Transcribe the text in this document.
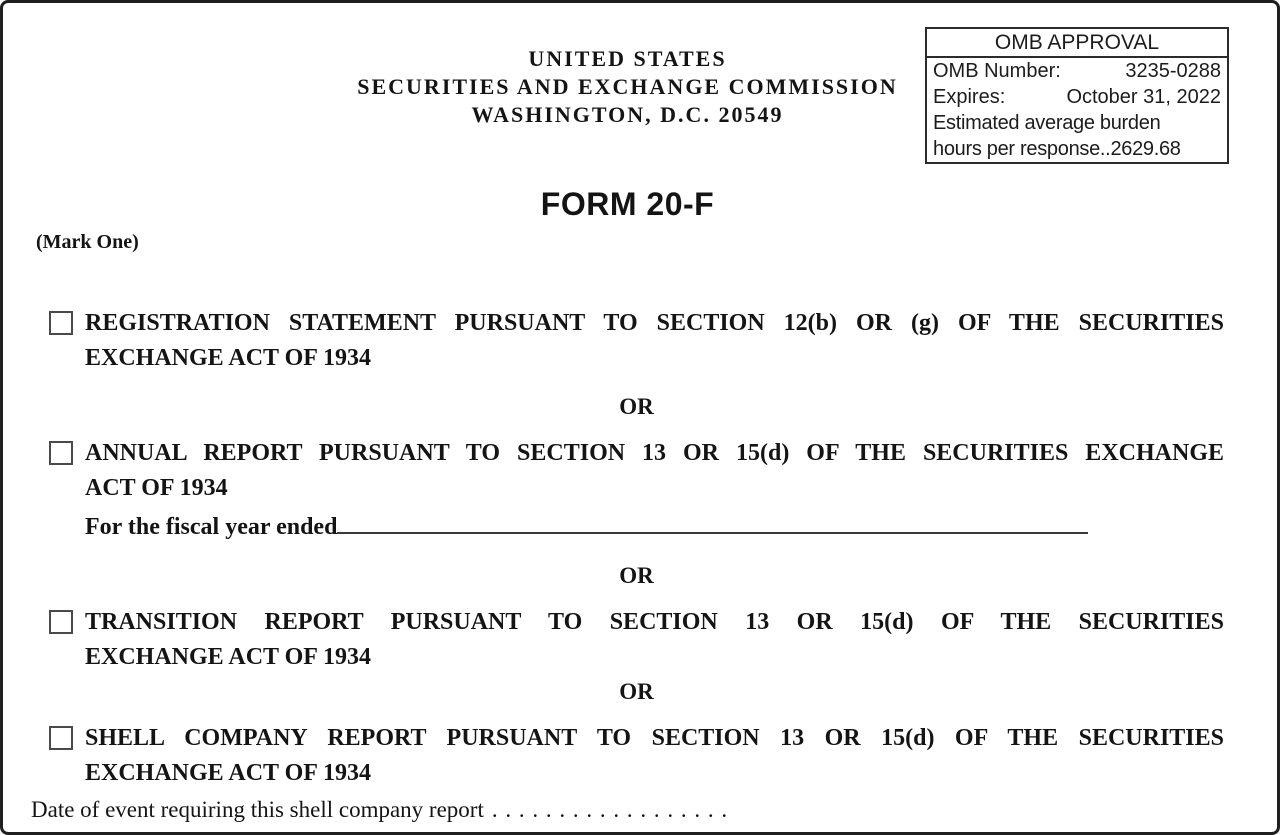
OMB APPROVAL
OMB Number:	3235-0288
Expires:	October 31, 2022
Estimated average burden
hours per response..2629.68
UNITED STATES
SECURITIES AND EXCHANGE COMMISSION
WASHINGTON, D.C. 20549
FORM 20-F
(Mark One)
REGISTRATION STATEMENT PURSUANT TO SECTION 12(b) OR (g) OF THE SECURITIES
EXCHANGE ACT OF 1934
OR
ANNUAL REPORT PURSUANT TO SECTION 13 OR 15(d) OF THE SECURITIES EXCHANGE
ACT OF 1934
For the fiscal year ended
OR
TRANSITION REPORT PURSUANT TO SECTION 13 OR 15(d) OF THE SECURITIES
EXCHANGE ACT OF 1934
OR
SHELL COMPANY REPORT PURSUANT TO SECTION 13 OR 15(d) OF THE SECURITIES
EXCHANGE ACT OF 1934
Date of event requiring this shell company report . . . . . . . . . . . . . . . . . .
